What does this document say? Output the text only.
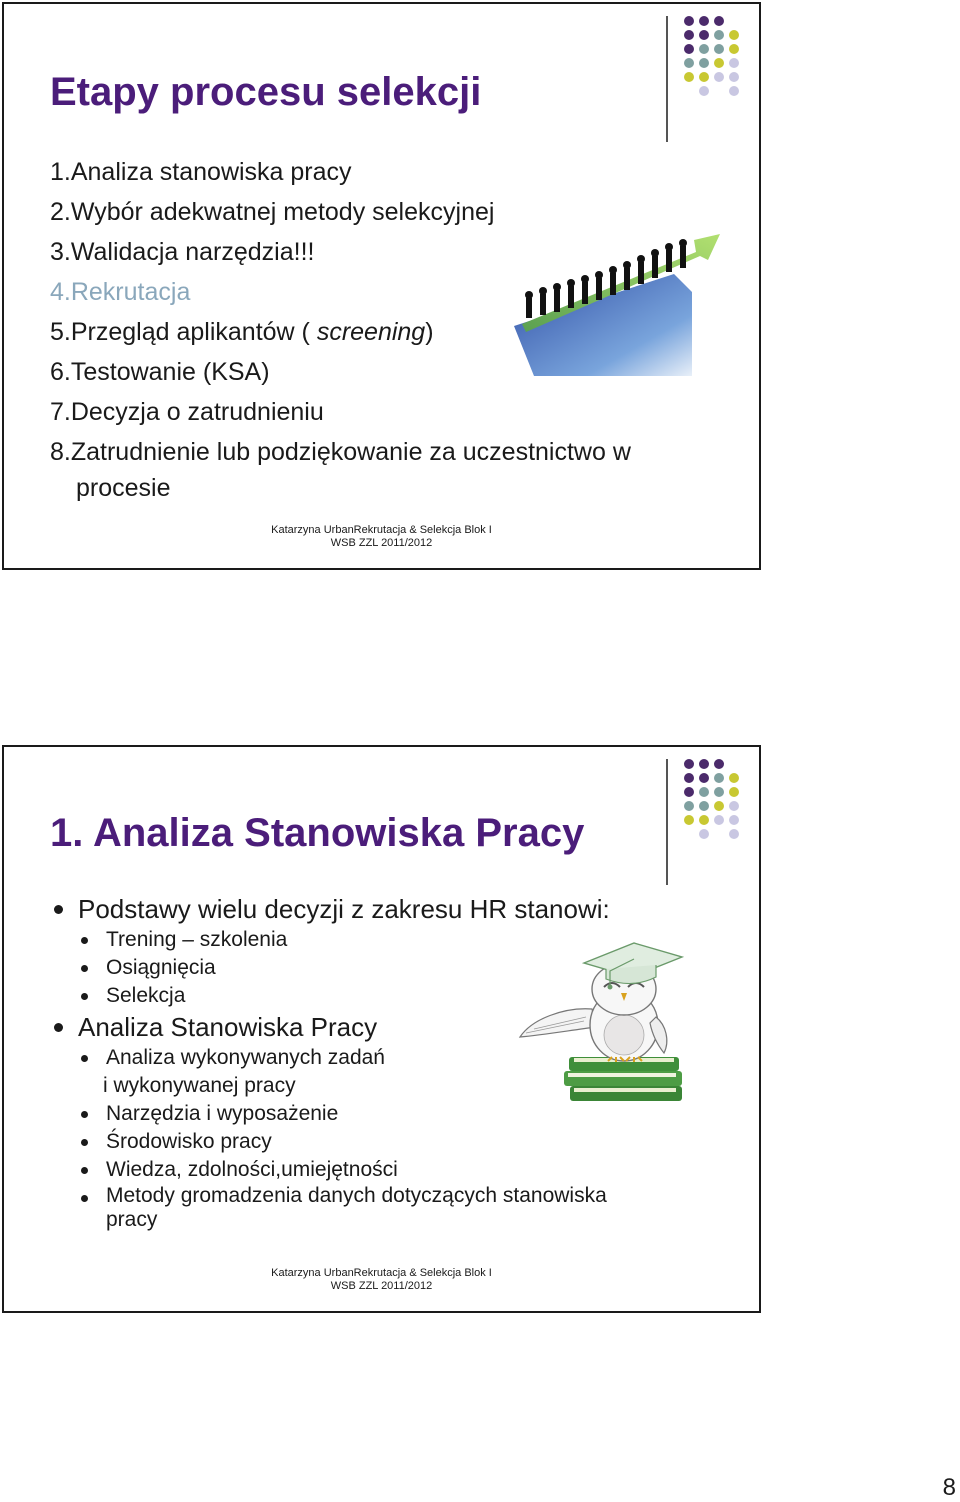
Etapy procesu selekcji
1.Analiza stanowiska pracy
2.Wybór adekwatnej metody selekcyjnej
3.Walidacja narzędzia!!!
4.Rekrutacja
5.Przegląd aplikantów ( screening)
6.Testowanie (KSA)
7.Decyzja o zatrudnieniu
8.Zatrudnienie lub podziękowanie za uczestnictwo w
procesie
Katarzyna UrbanRekrutacja & Selekcja Blok I
WSB ZZL 2011/2012
1. Analiza Stanowiska Pracy
Podstawy wielu decyzji z zakresu HR stanowi:
Trening – szkolenia
Osiągnięcia
Selekcja
Analiza Stanowiska Pracy
Analiza wykonywanych zadań
i wykonywanej pracy
Narzędzia i wyposażenie
Środowisko pracy
Wiedza, zdolności,umiejętności
Metody gromadzenia danych dotyczących stanowiska
pracy
Katarzyna UrbanRekrutacja & Selekcja Blok I
WSB ZZL 2011/2012
8
